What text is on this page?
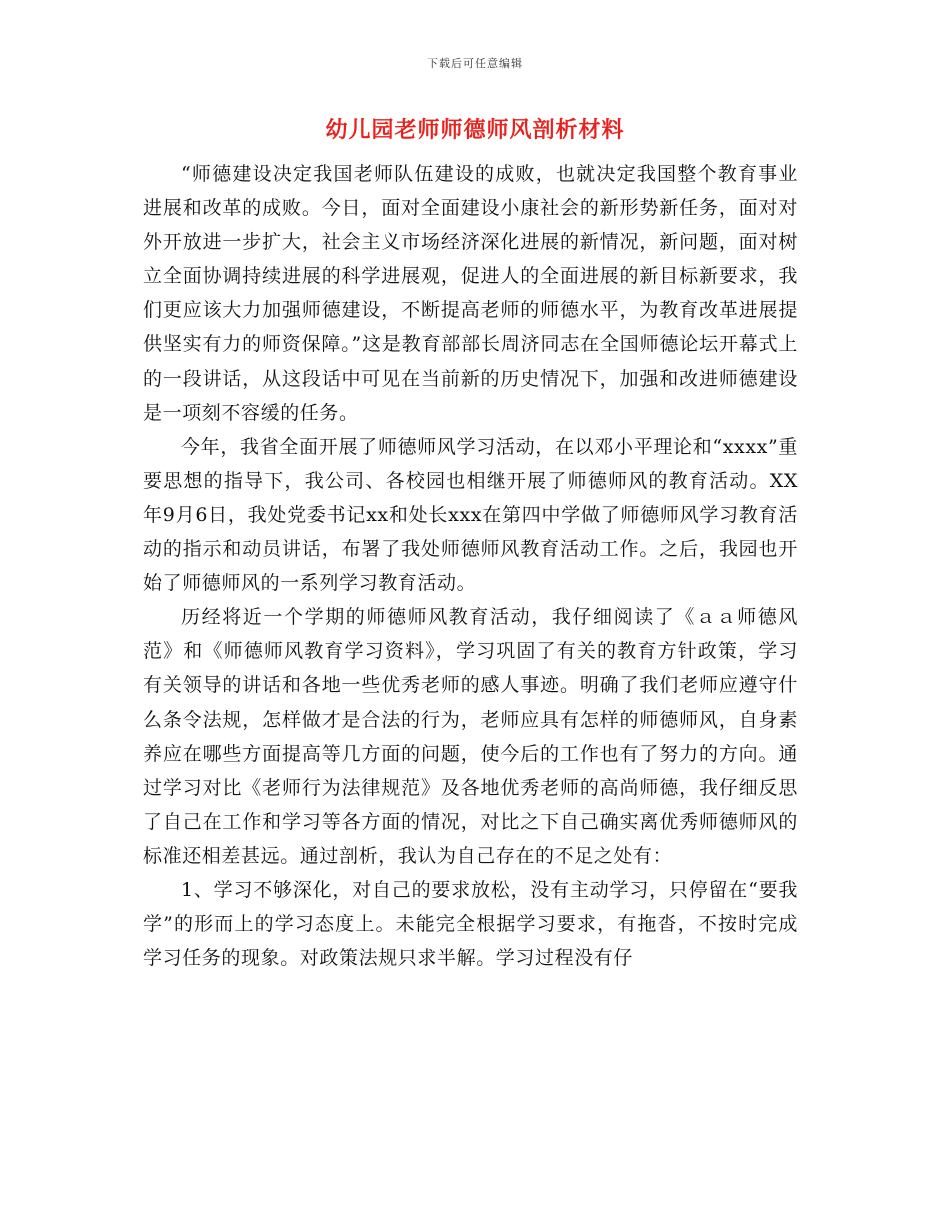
下载后可任意编辑
幼儿园老师师德师风剖析材料

“师德建设决定我国老师队伍建设的成败，也就决定我国整个教育事业进展和改革的成败。今日，面对全面建设小康社会的新形势新任务，面对对外开放进一步扩大，社会主义市场经济深化进展的新情况，新问题，面对树立全面协调持续进展的科学进展观，促进人的全面进展的新目标新要求，我们更应该大力加强师德建设，不断提高老师的师德水平，为教育改革进展提供坚实有力的师资保障。”这是教育部部长周济同志在全国师德论坛开幕式上的一段讲话，从这段话中可见在当前新的历史情况下，加强和改进师德建设是一项刻不容缓的任务。

今年，我省全面开展了师德师风学习活动，在以邓小平理论和“xxxx”重要思想的指导下，我公司、各校园也相继开展了师德师风的教育活动。XX年9月6日，我处党委书记xx和处长xxx在第四中学做了师德师风学习教育活动的指示和动员讲话，布署了我处师德师风教育活动工作。之后，我园也开始了师德师风的一系列学习教育活动。

历经将近一个学期的师德师风教育活动，我仔细阅读了《ａａ师德风范》和《师德师风教育学习资料》，学习巩固了有关的教育方针政策，学习有关领导的讲话和各地一些优秀老师的感人事迹。明确了我们老师应遵守什么条令法规，怎样做才是合法的行为，老师应具有怎样的师德师风，自身素养应在哪些方面提高等几方面的问题，使今后的工作也有了努力的方向。通过学习对比《老师行为法律规范》及各地优秀老师的高尚师德，我仔细反思了自己在工作和学习等各方面的情况，对比之下自己确实离优秀师德师风的标准还相差甚远。通过剖析，我认为自己存在的不足之处有：

1、学习不够深化，对自己的要求放松，没有主动学习，只停留在“要我学”的形而上的学习态度上。未能完全根据学习要求，有拖沓，不按时完成学习任务的现象。对政策法规只求半解。学习过程没有仔
